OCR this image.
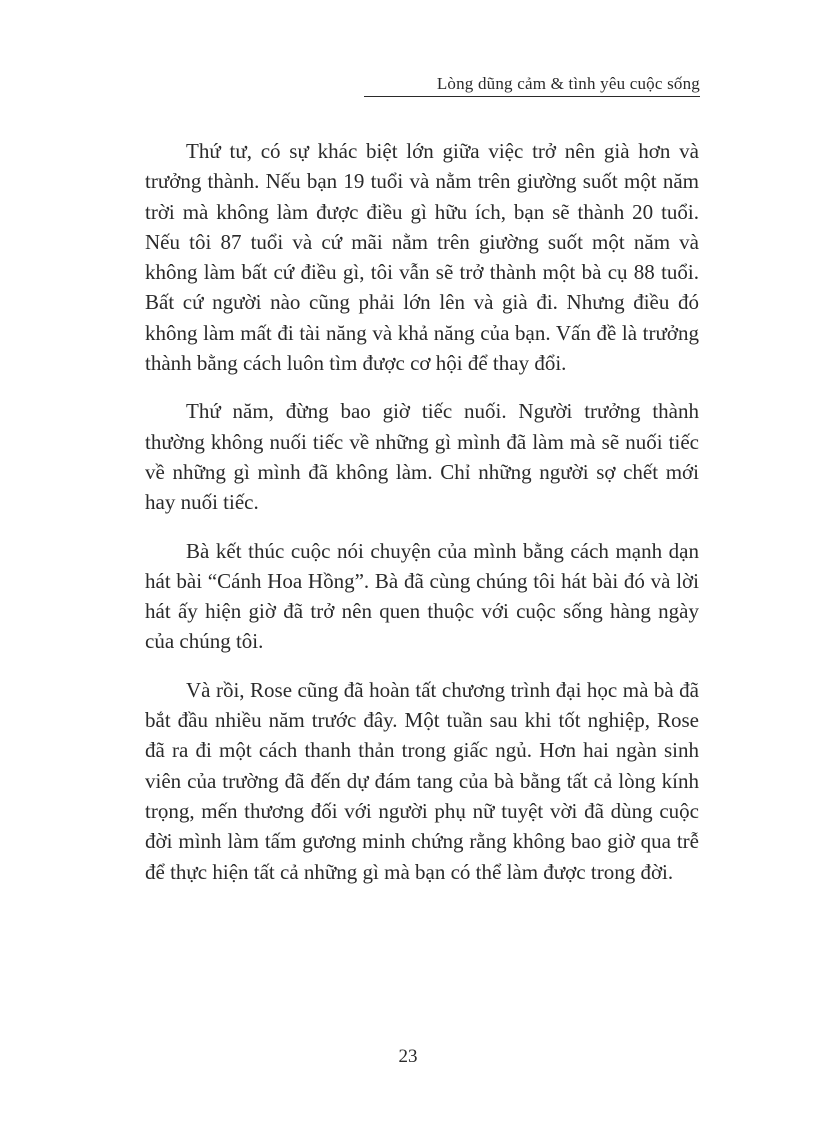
Lòng dũng cảm & tình yêu cuộc sống

Thứ tư, có sự khác biệt lớn giữa việc trở nên già hơn và trưởng thành. Nếu bạn 19 tuổi và nằm trên giường suốt một năm trời mà không làm được điều gì hữu ích, bạn sẽ thành 20 tuổi. Nếu tôi 87 tuổi và cứ mãi nằm trên giường suốt một năm và không làm bất cứ điều gì, tôi vẫn sẽ trở thành một bà cụ 88 tuổi. Bất cứ người nào cũng phải lớn lên và già đi. Nhưng điều đó không làm mất đi tài năng và khả năng của bạn. Vấn đề là trưởng thành bằng cách luôn tìm được cơ hội để thay đổi.

Thứ năm, đừng bao giờ tiếc nuối. Người trưởng thành thường không nuối tiếc về những gì mình đã làm mà sẽ nuối tiếc về những gì mình đã không làm. Chỉ những người sợ chết mới hay nuối tiếc.

Bà kết thúc cuộc nói chuyện của mình bằng cách mạnh dạn hát bài “Cánh Hoa Hồng”. Bà đã cùng chúng tôi hát bài đó và lời hát ấy hiện giờ đã trở nên quen thuộc với cuộc sống hàng ngày của chúng tôi.

Và rồi, Rose cũng đã hoàn tất chương trình đại học mà bà đã bắt đầu nhiều năm trước đây. Một tuần sau khi tốt nghiệp, Rose đã ra đi một cách thanh thản trong giấc ngủ. Hơn hai ngàn sinh viên của trường đã đến dự đám tang của bà bằng tất cả lòng kính trọng, mến thương đối với người phụ nữ tuyệt vời đã dùng cuộc đời mình làm tấm gương minh chứng rằng không bao giờ qua trễ để thực hiện tất cả những gì mà bạn có thể làm được trong đời.

23
